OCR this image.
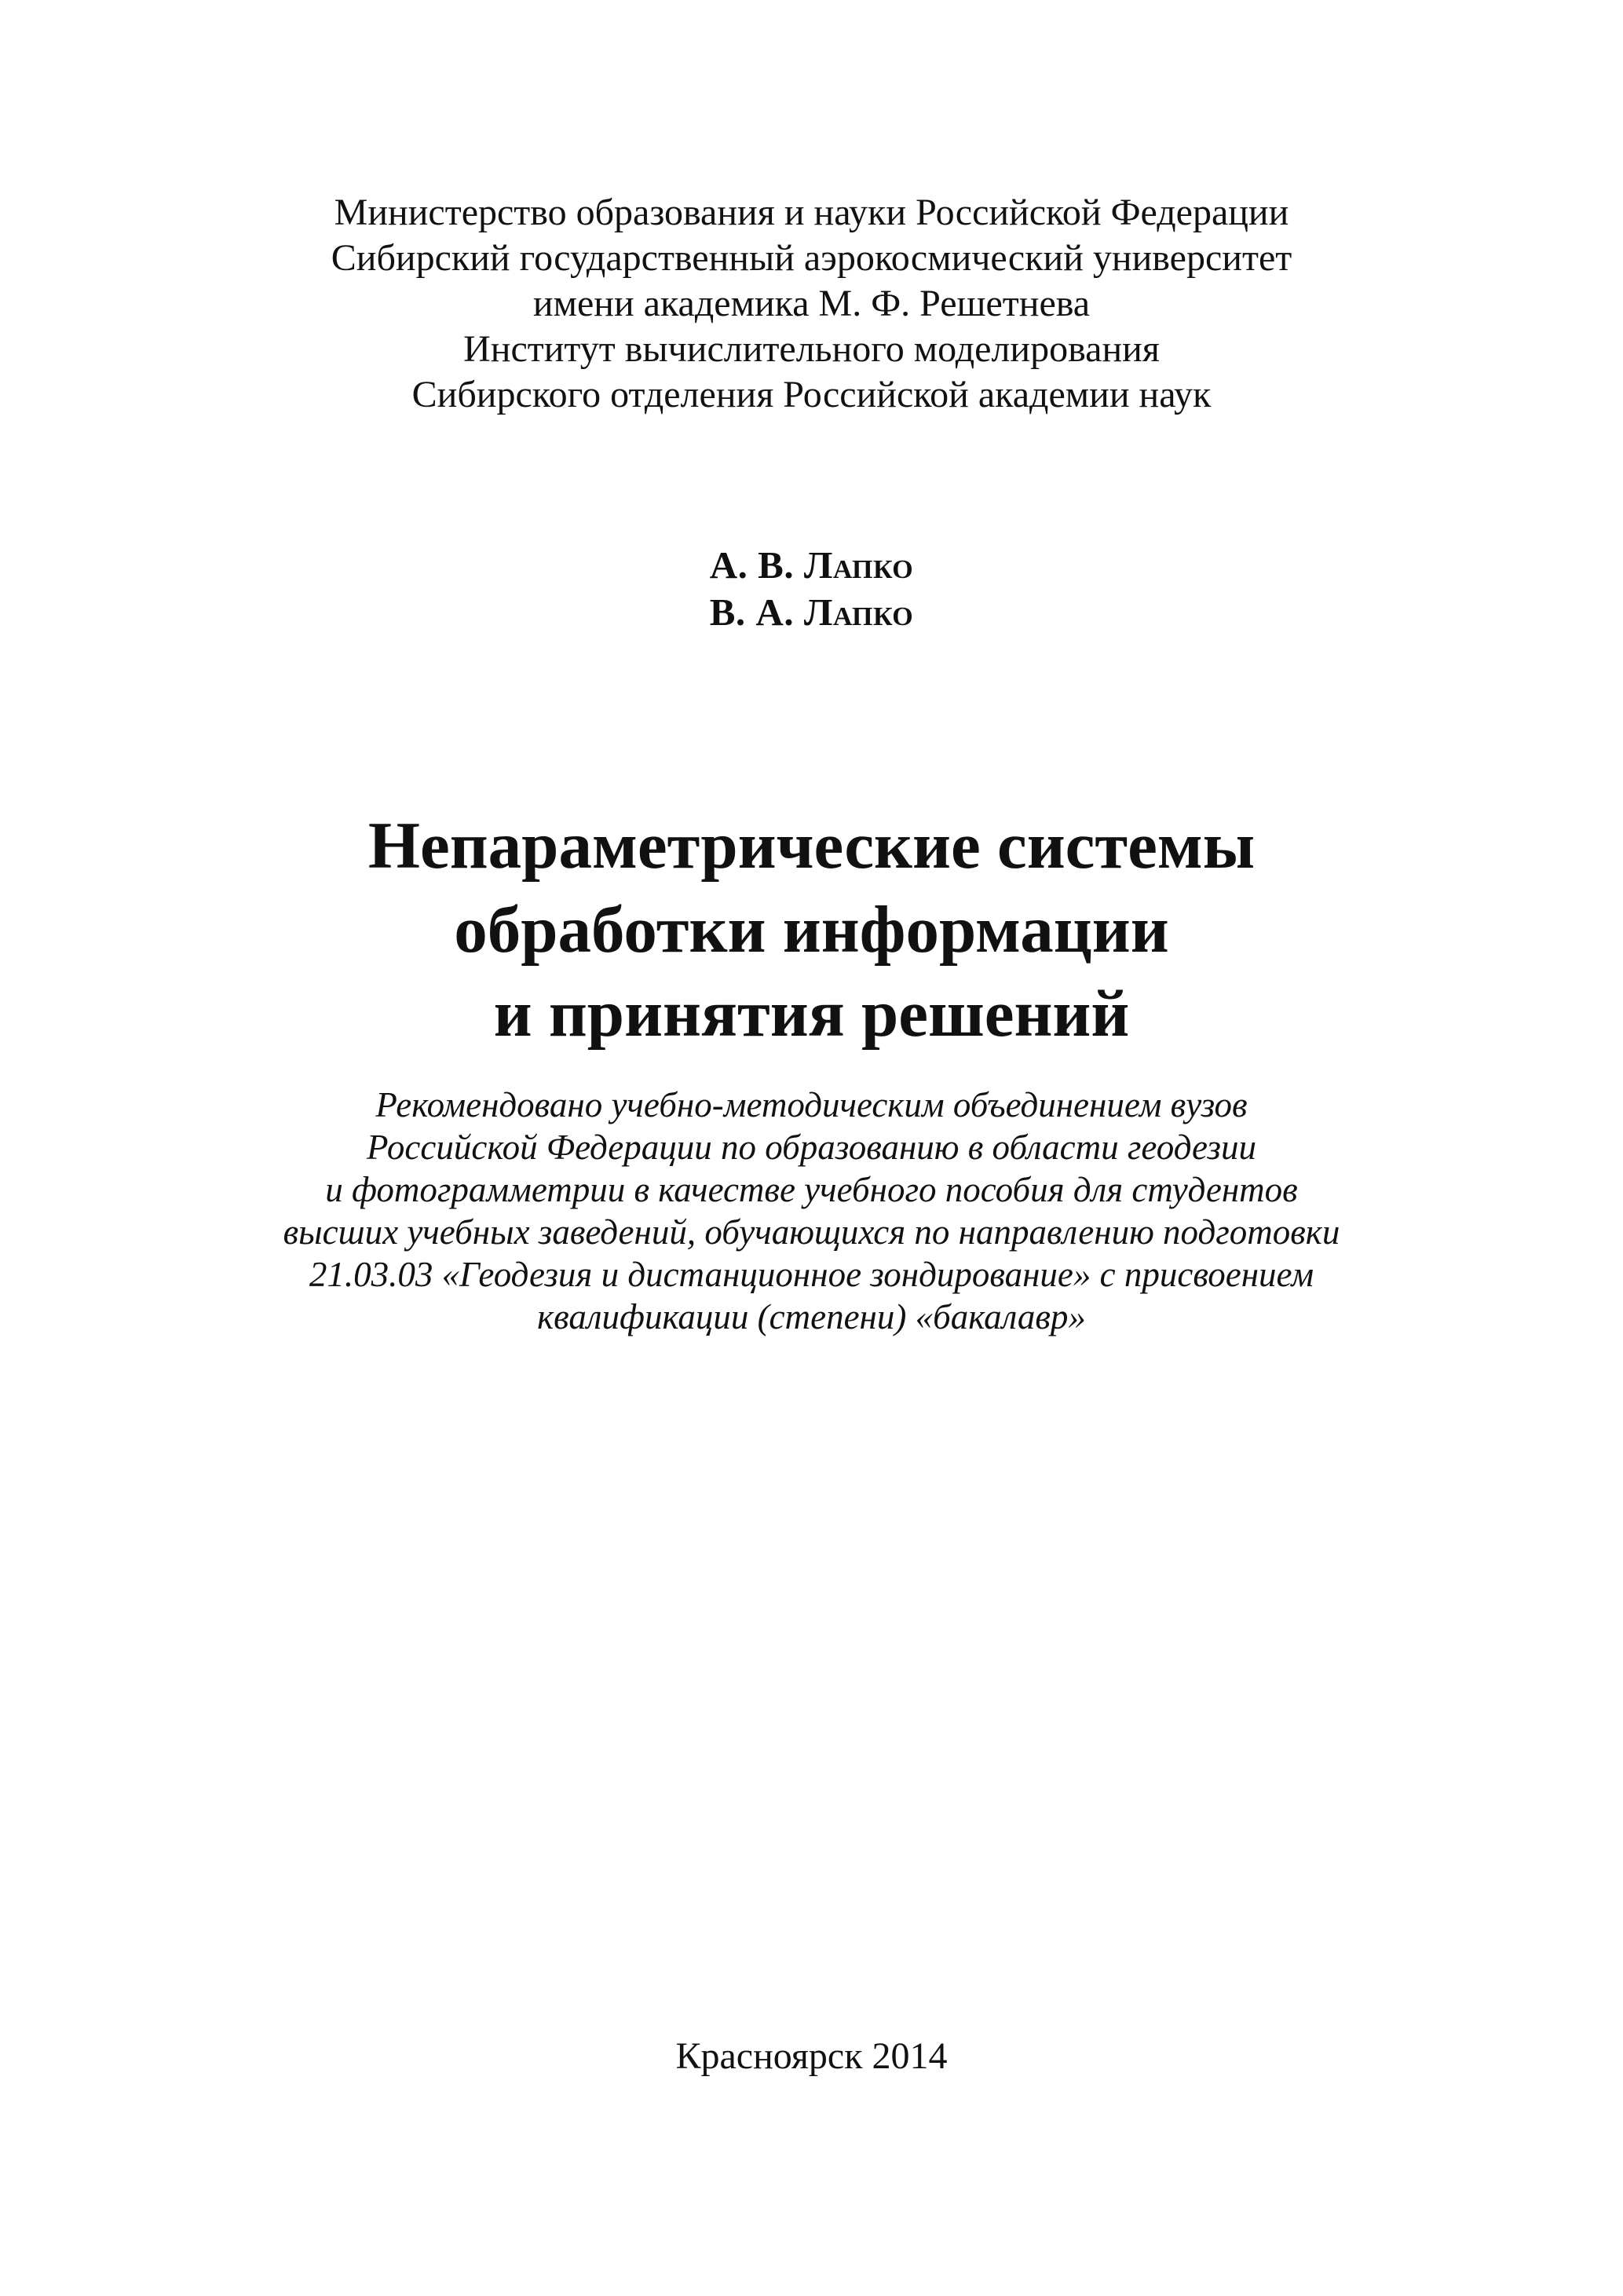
Министерство образования и науки Российской Федерации
Сибирский государственный аэрокосмический университет
имени академика М. Ф. Решетнева
Институт вычислительного моделирования
Сибирского отделения Российской академии наук
А. В. Лапко
В. А. Лапко
Непараметрические системы
обработки информации
и принятия решений
Рекомендовано учебно-методическим объединением вузов
Российской Федерации по образованию в области геодезии
и фотограмметрии в качестве учебного пособия для студентов
высших учебных заведений, обучающихся по направлению подготовки
21.03.03 «Геодезия и дистанционное зондирование» с присвоением
квалификации (степени) «бакалавр»
Красноярск 2014
